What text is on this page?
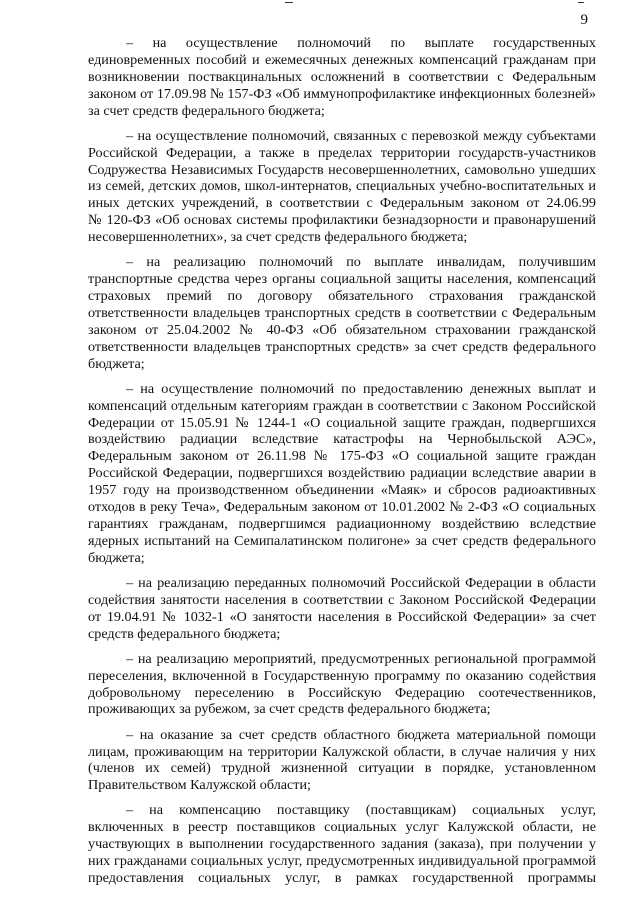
9
– на осуществление полномочий по выплате государственных
единовременных пособий и ежемесячных денежных компенсаций гражданам при
возникновении поствакцинальных осложнений в соответствии с Федеральным
законом от 17.09.98 № 157-ФЗ «Об иммунопрофилактике инфекционных болезней»
за счет средств федерального бюджета;
– на осуществление полномочий, связанных с перевозкой между субъектами
Российской Федерации, а также в пределах территории государств-участников
Содружества Независимых Государств несовершеннолетних, самовольно ушедших
из семей, детских домов, школ-интернатов, специальных учебно-воспитательных и
иных детских учреждений, в соответствии с Федеральным законом от 24.06.99
№ 120-ФЗ «Об основах системы профилактики безнадзорности и правонарушений
несовершеннолетних», за счет средств федерального бюджета;
– на реализацию полномочий по выплате инвалидам, получившим
транспортные средства через органы социальной защиты населения, компенсаций
страховых премий по договору обязательного страхования гражданской
ответственности владельцев транспортных средств в соответствии с Федеральным
законом от 25.04.2002 № 40-ФЗ «Об обязательном страховании гражданской
ответственности владельцев транспортных средств» за счет средств федерального
бюджета;
– на осуществление полномочий по предоставлению денежных выплат и
компенсаций отдельным категориям граждан в соответствии с Законом Российской
Федерации от 15.05.91 № 1244-1 «О социальной защите граждан, подвергшихся
воздействию радиации вследствие катастрофы на Чернобыльской АЭС»,
Федеральным законом от 26.11.98 № 175-ФЗ «О социальной защите граждан
Российской Федерации, подвергшихся воздействию радиации вследствие аварии в
1957 году на производственном объединении «Маяк» и сбросов радиоактивных
отходов в реку Теча», Федеральным законом от 10.01.2002 № 2-ФЗ «О социальных
гарантиях гражданам, подвергшимся радиационному воздействию вследствие
ядерных испытаний на Семипалатинском полигоне» за счет средств федерального
бюджета;
– на реализацию переданных полномочий Российской Федерации в области
содействия занятости населения в соответствии с Законом Российской Федерации
от 19.04.91 № 1032-1 «О занятости населения в Российской Федерации» за счет
средств федерального бюджета;
– на реализацию мероприятий, предусмотренных региональной программой
переселения, включенной в Государственную программу по оказанию содействия
добровольному переселению в Российскую Федерацию соотечественников,
проживающих за рубежом, за счет средств федерального бюджета;
– на оказание за счет средств областного бюджета материальной помощи
лицам, проживающим на территории Калужской области, в случае наличия у них
(членов их семей) трудной жизненной ситуации в порядке, установленном
Правительством Калужской области;
– на компенсацию поставщику (поставщикам) социальных услуг,
включенных в реестр поставщиков социальных услуг Калужской области, не
участвующих в выполнении государственного задания (заказа), при получении у
них гражданами социальных услуг, предусмотренных индивидуальной программой
предоставления социальных услуг, в рамках государственной программы
